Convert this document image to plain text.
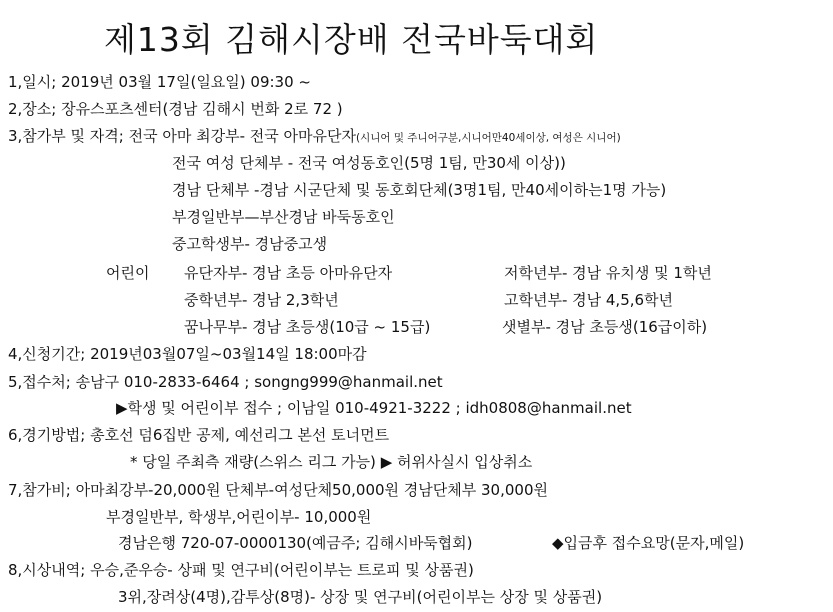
제13회 김해시장배 전국바둑대회
1,일시; 2019년 03월 17일(일요일) 09:30 ~
2,장소; 장유스포츠센터(경남 김해시 번화 2로 72 )
3,참가부 및 자격; 전국 아마 최강부- 전국 아마유단자(시니어 및 주니어구분,시니어만40세이상, 여성은 시니어)
전국 여성 단체부 - 전국 여성동호인(5명 1팀, 만30세 이상))
경남 단체부 -경남 시군단체 및 동호회단체(3명1팀, 만40세이하는1명 가능)
부경일반부—부산경남 바둑동호인
중고학생부- 경남중고생
어린이 유단자부- 경남 초등 아마유단자	저학년부- 경남 유치생 및 1학년
중학년부- 경남 2,3학년	고학년부- 경남 4,5,6학년
꿈나무부- 경남 초등생(10급 ~ 15급)	샛별부- 경남 초등생(16급이하)
4,신청기간; 2019년03월07일~03월14일 18:00마감
5,접수처; 송남구 010-2833-6464 ; songng999@hanmail.net
▶학생 및 어린이부 접수 ; 이남일 010-4921-3222 ; idh0808@hanmail.net
6,경기방법; 총호선 덤6집반 공제, 예선리그 본선 토너먼트
* 당일 주최측 재량(스위스 리그 가능) ▶ 허위사실시 입상취소
7,참가비; 아마최강부-20,000원 단체부-여성단체50,000원 경남단체부 30,000원
부경일반부, 학생부,어린이부- 10,000원
경남은행 720-07-0000130(예금주; 김해시바둑협회)	◆입금후 접수요망(문자,메일)
8,시상내역; 우승,준우승- 상패 및 연구비(어린이부는 트로피 및 상품권)
3위,장려상(4명),감투상(8명)- 상장 및 연구비(어린이부는 상장 및 상품권)
